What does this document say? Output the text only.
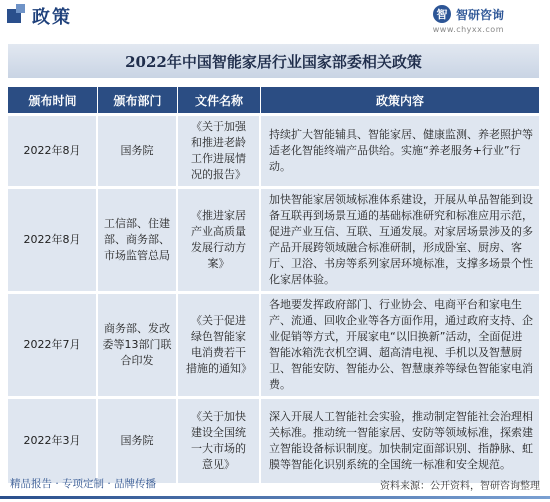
政策	智 智研咨询
www.chyxx.com
2022年中国智能家居行业国家部委相关政策
颁布时间	颁布部门	文件名称	政策内容
2022年8月	国务院	《关于加强和推进老龄工作进展情况的报告》	持续扩大智能辅具、智能家居、健康监测、养老照护等适老化智能终端产品供给。实施“养老服务+行业”行动。
2022年8月	工信部、住建部、商务部、市场监管总局	《推进家居产业高质量发展行动方案》	加快智能家居领域标准体系建设，开展从单品智能到设备互联再到场景互通的基础标准研究和标准应用示范，促进产业互信、互联、互通发展。对家居场景涉及的多产品开展跨领域融合标准研制，形成卧室、厨房、客厅、卫浴、书房等系列家居环境标准，支撑多场景个性化家居体验。
2022年7月	商务部、发改委等13部门联合印发	《关于促进绿色智能家电消费若干措施的通知》	各地要发挥政府部门、行业协会、电商平台和家电生产、流通、回收企业等各方面作用，通过政府支持、企业促销等方式，开展家电“以旧换新”活动，全面促进智能冰箱洗衣机空调、超高清电视、手机以及智慧厨卫、智能安防、智能办公、智慧康养等绿色智能家电消费。
2022年3月	国务院	《关于加快建设全国统一大市场的意见》	深入开展人工智能社会实验，推动制定智能社会治理相关标准。推动统一智能家居、安防等领域标准，探索建立智能设备标识制度。加快制定面部识别、指静脉、虹膜等智能化识别系统的全国统一标准和安全规范。
精品报告 · 专项定制 · 品牌传播	资料来源：公开资料，智研咨询整理
